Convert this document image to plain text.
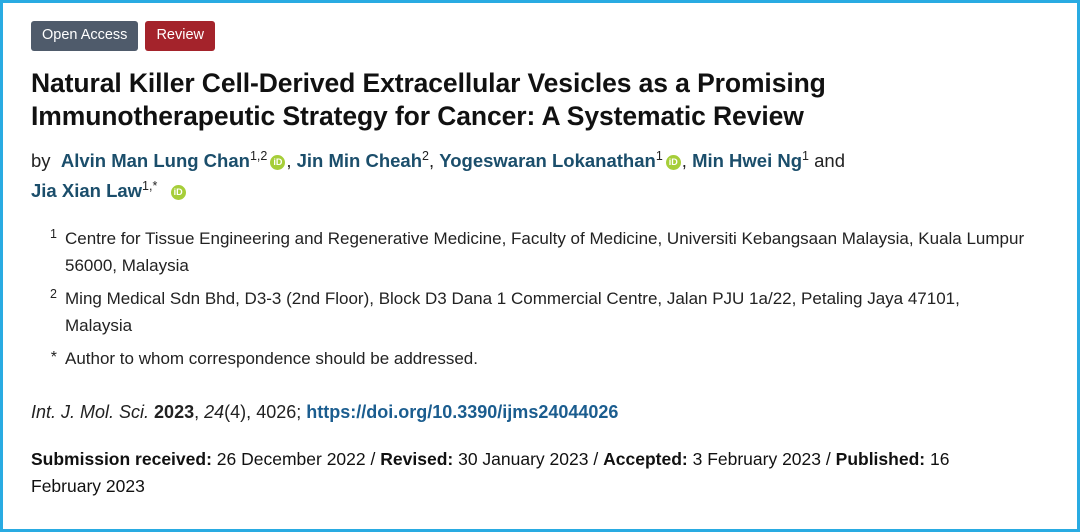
Open Access	Review
Natural Killer Cell-Derived Extracellular Vesicles as a Promising Immunotherapeutic Strategy for Cancer: A Systematic Review
by Alvin Man Lung Chan$^{1,2}$ iD , Jin Min Cheah$^2$, Yogeswaran Lokanathan$^1$ iD , Min Hwei Ng$^1$ and
Jia Xian Law$^{1,*}$  iD
1 Centre for Tissue Engineering and Regenerative Medicine, Faculty of Medicine, Universiti Kebangsaan Malaysia, Kuala Lumpur 56000, Malaysia
2 Ming Medical Sdn Bhd, D3-3 (2nd Floor), Block D3 Dana 1 Commercial Centre, Jalan PJU 1a/22, Petaling Jaya 47101, Malaysia
* Author to whom correspondence should be addressed.
Int. J. Mol. Sci. 2023, 24(4), 4026; https://doi.org/10.3390/ijms24044026
Submission received: 26 December 2022 / Revised: 30 January 2023 / Accepted: 3 February 2023 / Published: 16 February 2023
